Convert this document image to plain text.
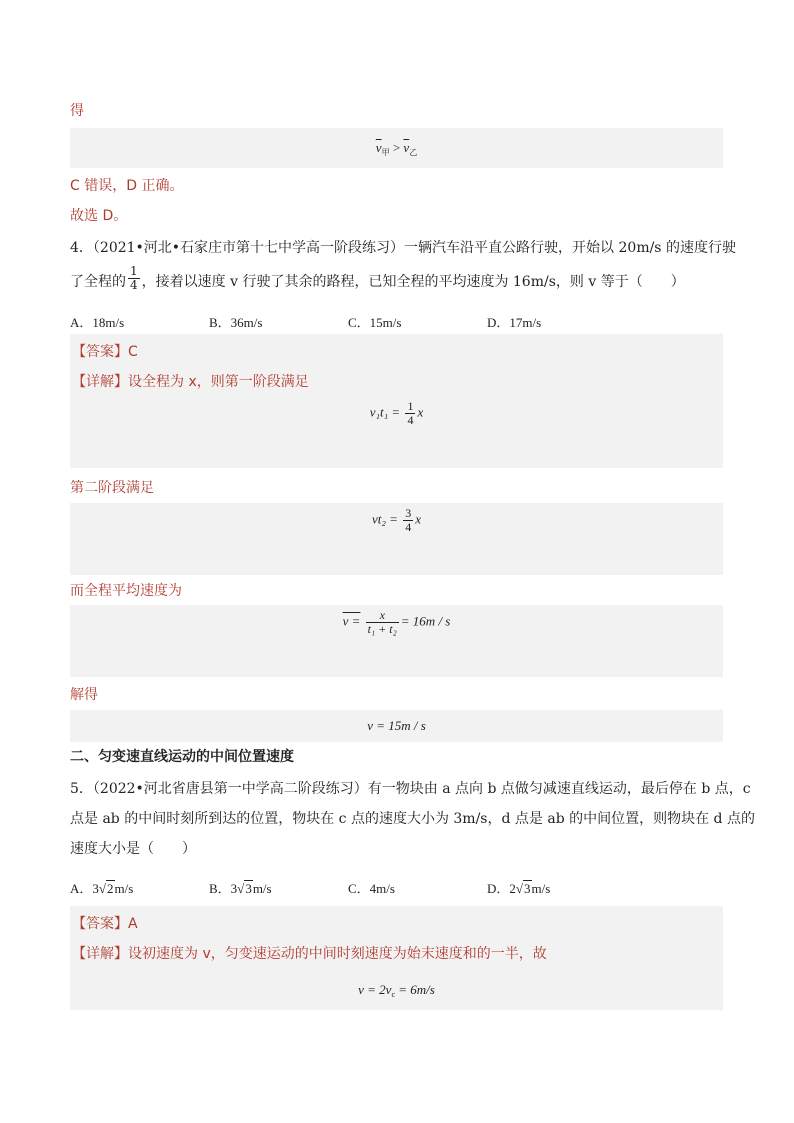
得
$\overline{v}_甲 > \overline{v}_乙$
C 错误，D 正确。
故选 D。
4．（2021•河北•石家庄市第十七中学高一阶段练习）一辆汽车沿平直公路行驶，开始以 20m/s 的速度行驶
了全程的 $\frac{1}{4}$ ，接着以速度 v 行驶了其余的路程，已知全程的平均速度为 16m/s，则 v 等于（　　）
A．18m/s	B．36m/s	C．15m/s	D．17m/s
【答案】C
【详解】设全程为 x，则第一阶段满足
$v_1t_1 = \frac{1}{4}$ x
第二阶段满足
$vt_2 = \frac{3}{4}$ x
而全程平均速度为
$v = \frac{x}{\text{t₁ + t₂}} = 16m / s$
解得
v = 15m / s
二、匀变速直线运动的中间位置速度
5．（2022•河北省唐县第一中学高二阶段练习）有一物块由 a 点向 b 点做匀减速直线运动，最后停在 b 点，c
点是 ab 的中间时刻所到达的位置，物块在 c 点的速度大小为 3m/s，d 点是 ab 的中间位置，则物块在 d 点的
速度大小是（　　）
A．3√2m/s	B．3√3m/s	C．4m/s	D．2√3m/s
【答案】A
【详解】设初速度为 v，匀变速运动的中间时刻速度为始末速度和的一半，故
$v = 2v_c = 6m/s$
